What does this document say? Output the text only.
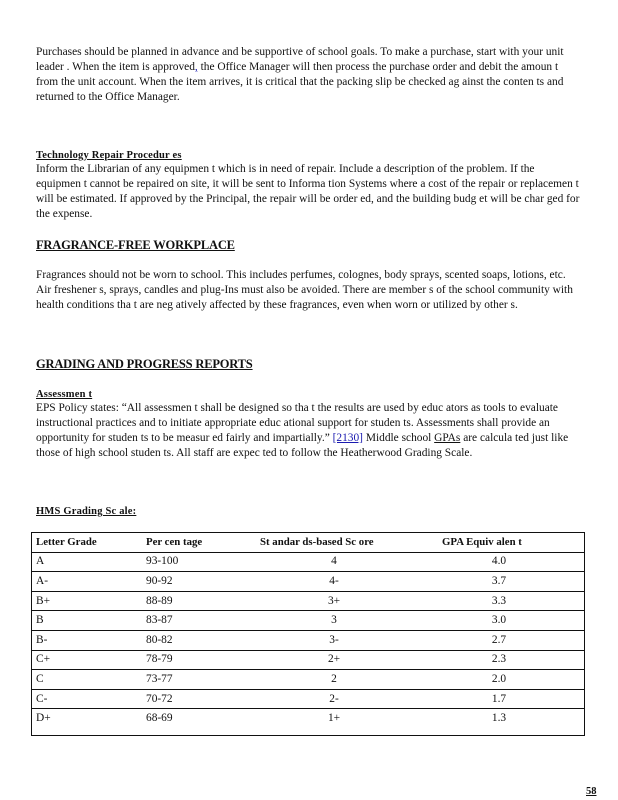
Purchases should be planned in advance and be supportive of school goals. To make a purchase, start with your unit leader . When the item is approved, the Office Manager will then process the purchase order and debit the amoun t from the unit account. When the item arrives, it is critical that the packing slip be checked ag ainst the conten ts and returned to the Office Manager.

Technology Repair Procedur es

Inform the Librarian of any equipmen t which is in need of repair. Include a description of the problem. If the equipmen t cannot be repaired on site, it will be sent to Informa tion Systems where a cost of the repair or replacemen t will be estimated. If approved by the Principal, the repair will be order ed, and the building budg et will be char ged for the expense.

FRAGRANCE-FREE WORKPLACE

Fragrances should not be worn to school. This includes perfumes, colognes, body sprays, scented soaps, lotions, etc. Air freshener s, sprays, candles and plug-Ins must also be avoided. There are member s of the school community with health conditions tha t are neg atively affected by these fragrances, even when worn or utilized by other s.

GRADING AND PROGRESS REPORTS
Assessmen t

EPS Policy states: “All assessmen t shall be designed so tha t the results are used by educ ators as tools to evaluate instructional practices and to initiate appropriate educ ational support for studen ts. Assessments shall provide an opportunity for studen ts to be measur ed fairly and impartially.” [2130] Middle school GPAs are calcula ted just like those of high school studen ts. All staff are expec ted to follow the Heatherwood Grading Scale.

HMS Grading Sc ale:
Letter Grade	Per cen tage	St andar ds-based Sc ore	GPA Equiv alen t
A	93-100	4	4.0
A-	90-92	4-	3.7
B+	88-89	3+	3.3
B	83-87	3	3.0
B-	80-82	3-	2.7
C+	78-79	2+	2.3
C	73-77	2	2.0
C-	70-72	2-	1.7
D+	68-69	1+	1.3
58
